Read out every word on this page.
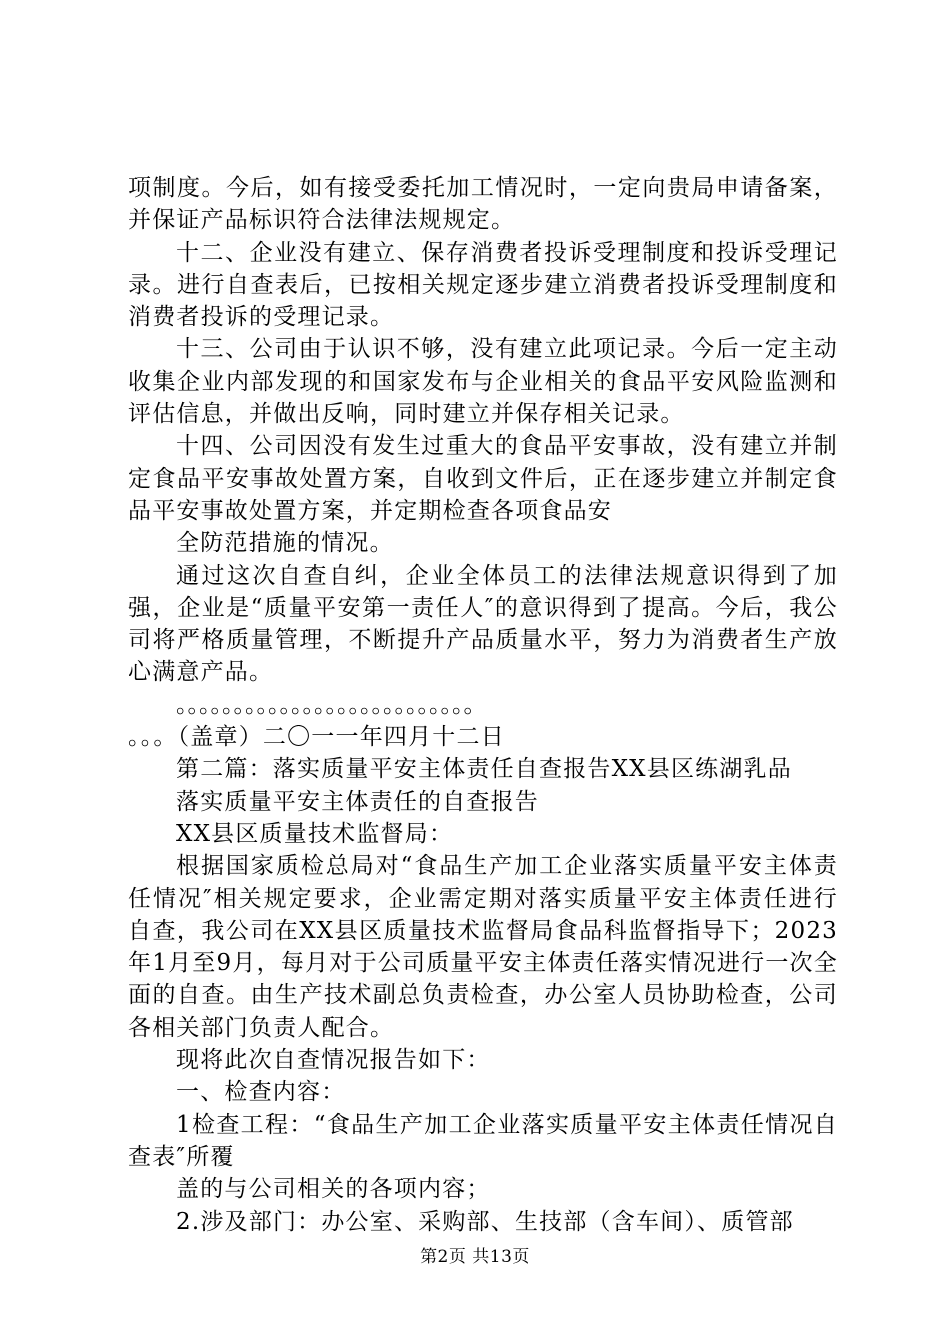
项制度。今后，如有接受委托加工情况时，一定向贵局申请备案，并保证产品标识符合法律法规规定。

十二、企业没有建立、保存消费者投诉受理制度和投诉受理记录。进行自查表后，已按相关规定逐步建立消费者投诉受理制度和消费者投诉的受理记录。

十三、公司由于认识不够，没有建立此项记录。今后一定主动收集企业内部发现的和国家发布与企业相关的食品平安风险监测和评估信息，并做出反响，同时建立并保存相关记录。

十四、公司因没有发生过重大的食品平安事故，没有建立并制定食品平安事故处置方案，自收到文件后，正在逐步建立并制定食品平安事故处置方案，并定期检查各项食品安

全防范措施的情况。

通过这次自查自纠，企业全体员工的法律法规意识得到了加强，企业是“质量平安第一责任人″的意识得到了提高。今后，我公司将严格质量管理，不断提升产品质量水平，努力为消费者生产放心满意产品。

。。。。。。。。。。。。。。。。。。。。。。。。。。

。。。（盖章）二〇一一年四月十二日

第二篇：落实质量平安主体责任自查报告XX县区练湖乳品

落实质量平安主体责任的自查报告

XX县区质量技术监督局：

根据国家质检总局对“食品生产加工企业落实质量平安主体责任情况″相关规定要求，企业需定期对落实质量平安主体责任进行自查，我公司在XX县区质量技术监督局食品科监督指导下；2023年1月至9月，每月对于公司质量平安主体责任落实情况进行一次全面的自查。由生产技术副总负责检查，办公室人员协助检查，公司各相关部门负责人配合。

现将此次自查情况报告如下：

一、检查内容：

1检查工程：“食品生产加工企业落实质量平安主体责任情况自查表″所覆

盖的与公司相关的各项内容；

2.涉及部门：办公室、采购部、生技部（含车间）、质管部

第2页 共13页
